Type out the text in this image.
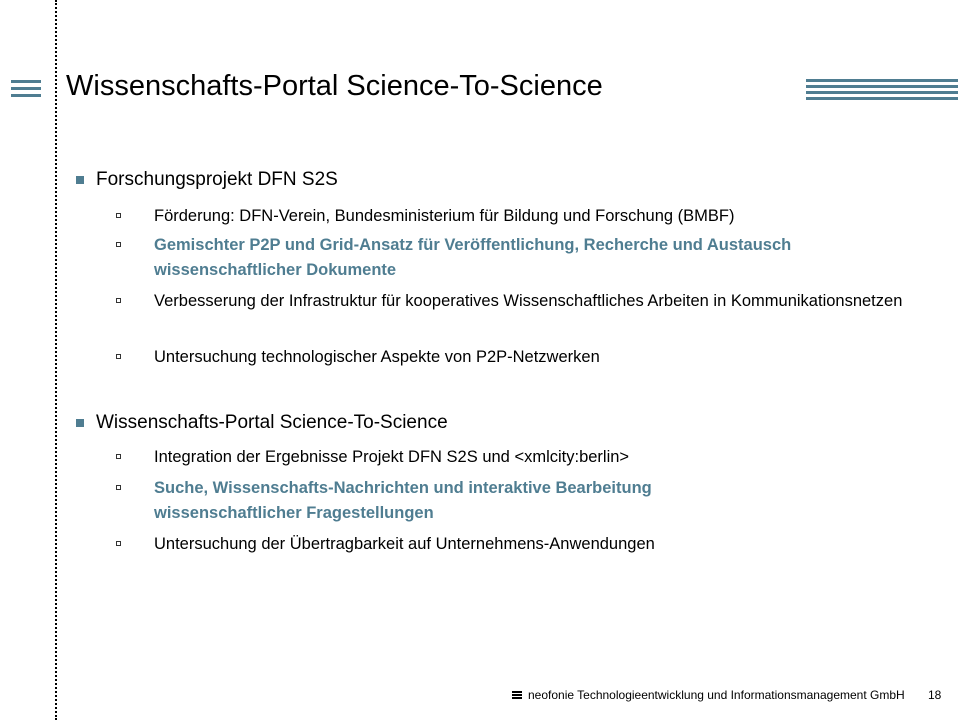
Wissenschafts-Portal Science-To-Science
Forschungsprojekt DFN S2S
Förderung: DFN-Verein, Bundesministerium für Bildung und Forschung (BMBF)
Gemischter P2P und Grid-Ansatz für Veröffentlichung, Recherche und Austausch wissenschaftlicher Dokumente
Verbesserung der Infrastruktur für kooperatives Wissenschaftliches Arbeiten in Kommunikationsnetzen
Untersuchung technologischer Aspekte von P2P-Netzwerken
Wissenschafts-Portal Science-To-Science
Integration der Ergebnisse Projekt DFN S2S und <xmlcity:berlin>
Suche, Wissenschafts-Nachrichten und interaktive Bearbeitung wissenschaftlicher Fragestellungen
Untersuchung der Übertragbarkeit auf Unternehmens-Anwendungen
neofonie Technologieentwicklung und Informationsmanagement GmbH 18
